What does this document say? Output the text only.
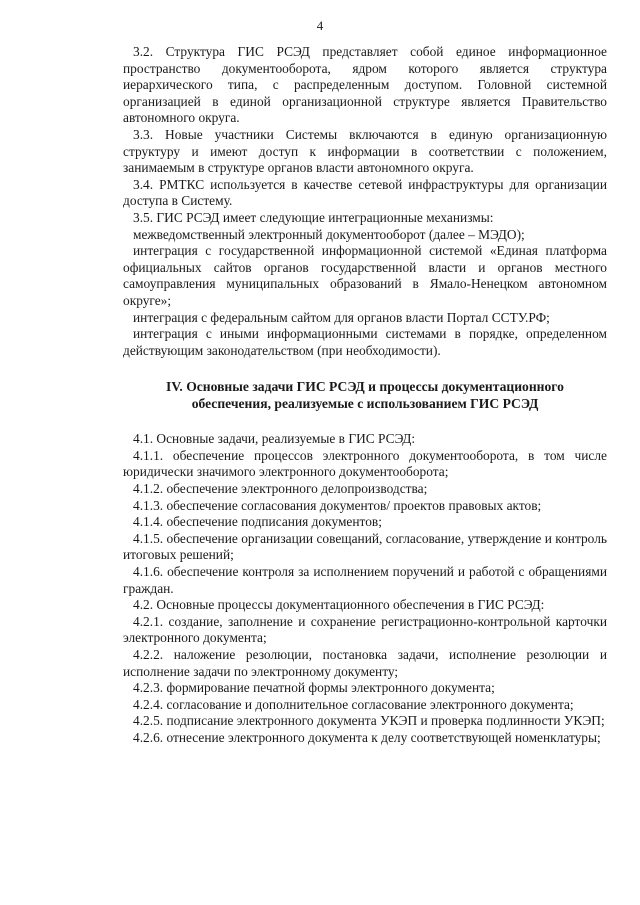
4

3.2. Структура ГИС РСЭД представляет собой единое информационное пространство документооборота, ядром которого является структура иерархического типа, с распределенным доступом. Головной системной организацией в единой организационной структуре является Правительство автономного округа.

3.3. Новые участники Системы включаются в единую организационную структуру и имеют доступ к информации в соответствии с положением, занимаемым в структуре органов власти автономного округа.

3.4. РМТКС используется в качестве сетевой инфраструктуры для организации доступа в Систему.

3.5. ГИС РСЭД имеет следующие интеграционные механизмы:

межведомственный электронный документооборот (далее – МЭДО);

интеграция с государственной информационной системой «Единая платформа официальных сайтов органов государственной власти и органов местного самоуправления муниципальных образований в Ямало-Ненецком автономном округе»;

интеграция с федеральным сайтом для органов власти Портал ССТУ.РФ;

интеграция с иными информационными системами в порядке, определенном действующим законодательством (при необходимости).

IV. Основные задачи ГИС РСЭД и процессы документационного обеспечения, реализуемые с использованием ГИС РСЭД

4.1. Основные задачи, реализуемые в ГИС РСЭД:

4.1.1. обеспечение процессов электронного документооборота, в том числе юридически значимого электронного документооборота;

4.1.2. обеспечение электронного делопроизводства;

4.1.3. обеспечение согласования документов/ проектов правовых актов;

4.1.4. обеспечение подписания документов;

4.1.5. обеспечение организации совещаний, согласование, утверждение и контроль итоговых решений;

4.1.6. обеспечение контроля за исполнением поручений и работой с обращениями граждан.

4.2. Основные процессы документационного обеспечения в ГИС РСЭД:

4.2.1. создание, заполнение и сохранение регистрационно-контрольной карточки электронного документа;

4.2.2. наложение резолюции, постановка задачи, исполнение резолюции и исполнение задачи по электронному документу;

4.2.3. формирование печатной формы электронного документа;

4.2.4. согласование и дополнительное согласование электронного документа;

4.2.5. подписание электронного документа УКЭП и проверка подлинности УКЭП;

4.2.6. отнесение электронного документа к делу соответствующей номенклатуры;
